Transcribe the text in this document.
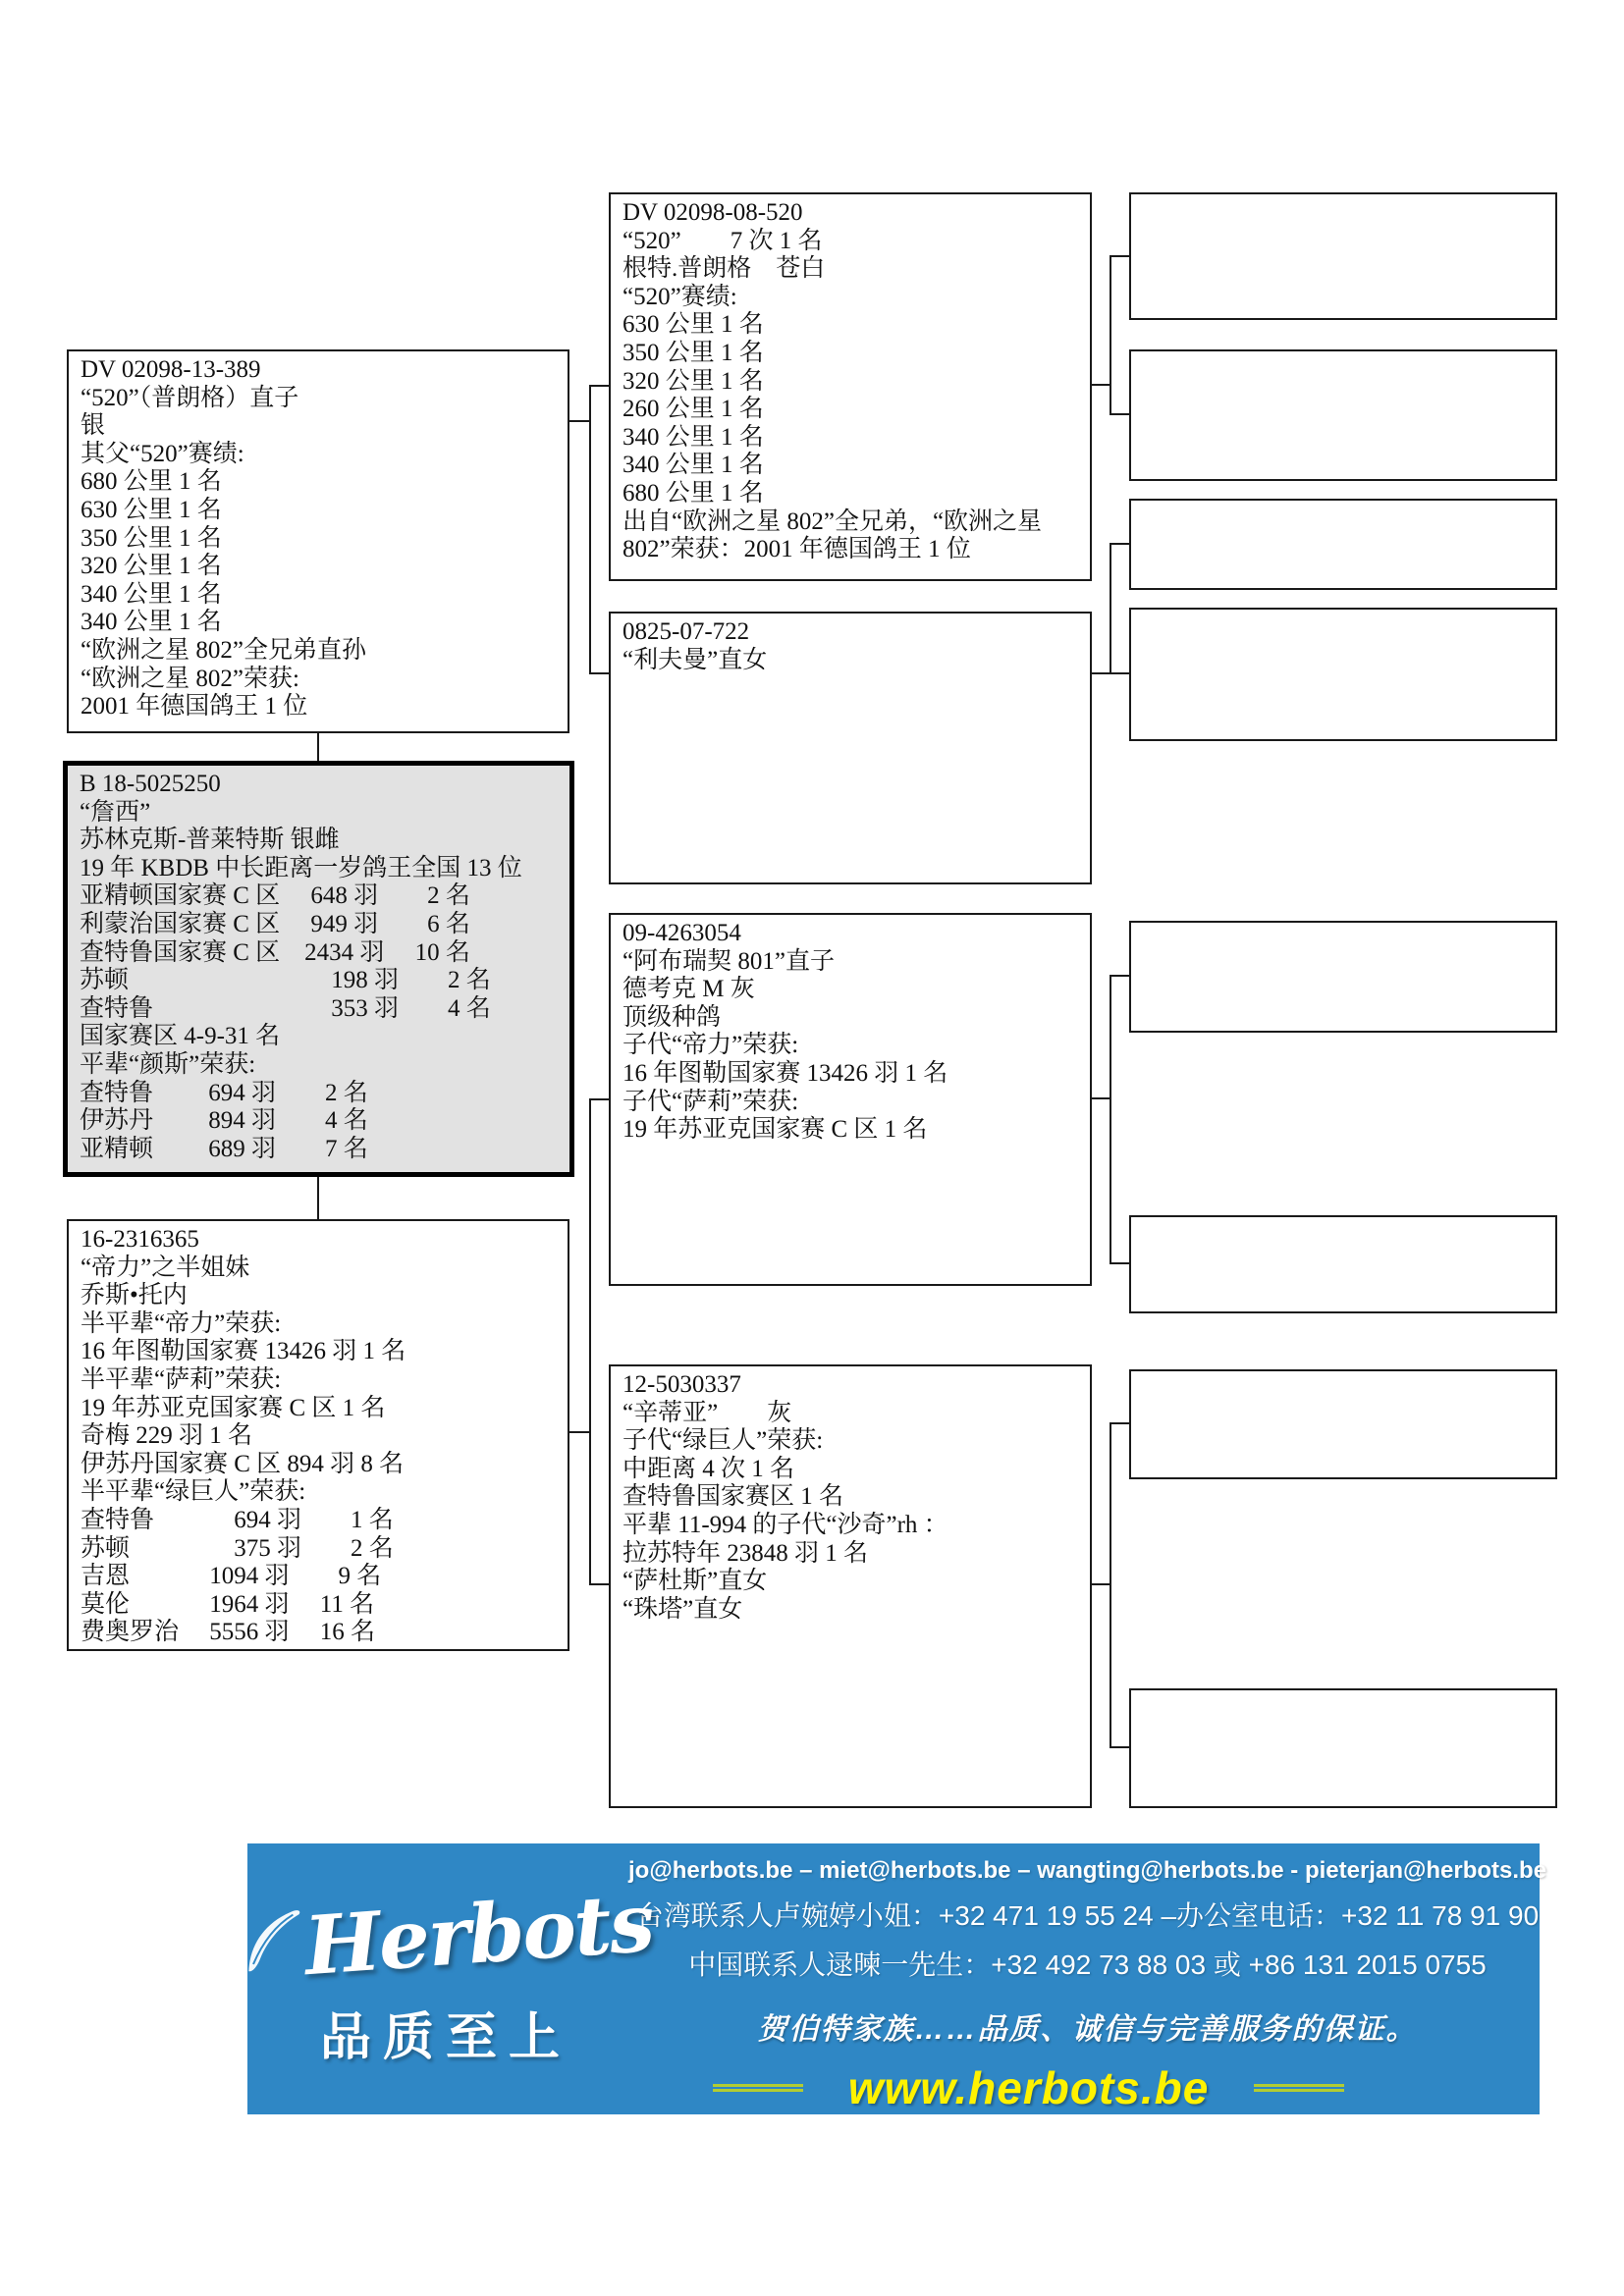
DV 02098-13-389
“520”（普朗格）直子
银
其父“520”赛绩:
680 公里 1 名
630 公里 1 名
350 公里 1 名
320 公里 1 名
340 公里 1 名
340 公里 1 名
“欧洲之星 802”全兄弟直孙
“欧洲之星 802”荣获:
2001 年德国鸽王 1 位
B 18-5025250
“詹西”
苏林克斯-普莱特斯 银雌
19 年 KBDB 中长距离一岁鸽王全国 13 位
亚精顿国家赛 C 区　 648 羽　　2 名
利蒙治国家赛 C 区　 949 羽　　6 名
查特鲁国家赛 C 区　2434 羽　 10 名
苏顿　　　　　　　　 198 羽　　2 名
查特鲁　　　　　　　 353 羽　　4 名
国家赛区 4-9-31 名
平辈“颜斯”荣获:
查特鲁　　 694 羽　　2 名
伊苏丹　　 894 羽　　4 名
亚精顿　　 689 羽　　7 名
16-2316365
“帝力”之半姐妹
乔斯•托内
半平辈“帝力”荣获:
16 年图勒国家赛 13426 羽 1 名
半平辈“萨莉”荣获:
19 年苏亚克国家赛 C 区 1 名
奇梅 229 羽 1 名
伊苏丹国家赛 C 区 894 羽 8 名
半平辈“绿巨人”荣获:
查特鲁　　　 694 羽　　1 名
苏顿　　　　 375 羽　　2 名
吉恩　　　 1094 羽　　9 名
莫伦　　　 1964 羽　 11 名
费奥罗治　 5556 羽　 16 名
DV 02098-08-520
“520”　　7 次 1 名
根特.普朗格　苍白
“520”赛绩:
630 公里 1 名
350 公里 1 名
320 公里 1 名
260 公里 1 名
340 公里 1 名
340 公里 1 名
680 公里 1 名
出自“欧洲之星 802”全兄弟，“欧洲之星
802”荣获：2001 年德国鸽王 1 位
0825-07-722
“利夫曼”直女
09-4263054
“阿布瑞契 801”直子
德考克 M 灰
顶级种鸽
子代“帝力”荣获:
16 年图勒国家赛 13426 羽 1 名
子代“萨莉”荣获:
19 年苏亚克国家赛 C 区 1 名
12-5030337
“辛蒂亚”　　灰
子代“绿巨人”荣获:
中距离 4 次 1 名
查特鲁国家赛区 1 名
平辈 11-994 的子代“沙奇”rh ：
拉苏特年 23848 羽 1 名
“萨杜斯”直女
“珠塔”直女
Herbots
品质至上
jo@herbots.be – miet@herbots.be – wangting@herbots.be - pieterjan@herbots.be
台湾联系人卢婉婷小姐：+32 471 19 55 24 –办公室电话：+32 11 78 91 90
中国联系人逯暕一先生：+32 492 73 88 03 或 +86 131 2015 0755
贺伯特家族……品质、诚信与完善服务的保证。
www.herbots.be
